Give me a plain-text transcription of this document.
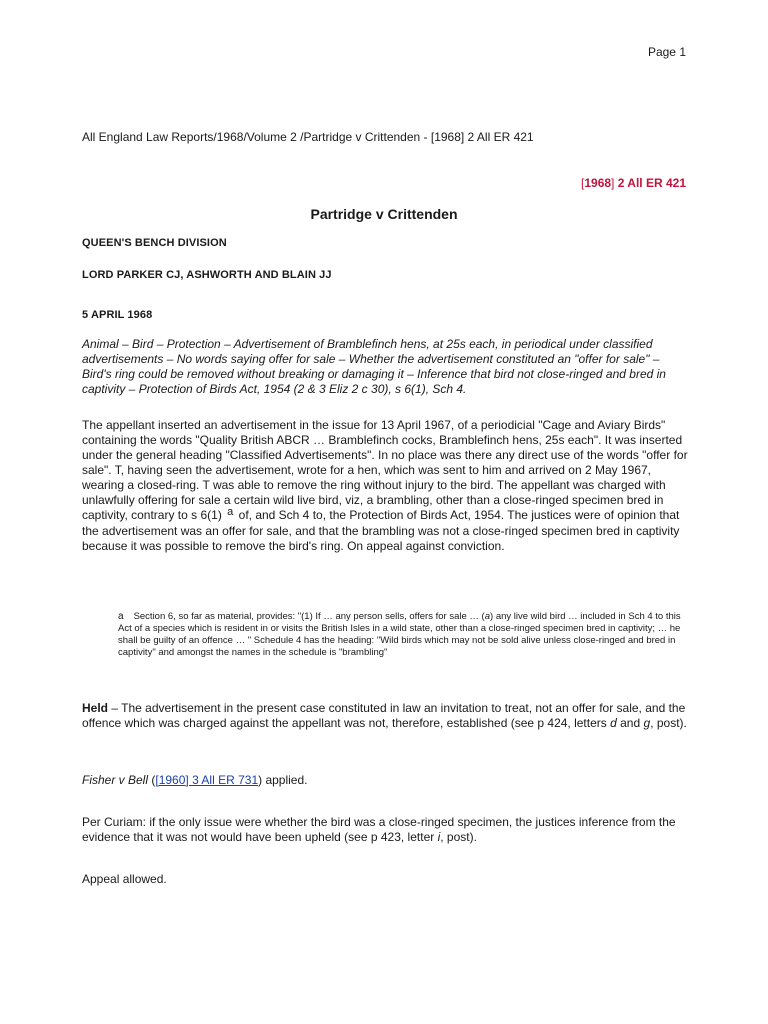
Page 1
All England Law Reports/1968/Volume 2 /Partridge v Crittenden - [1968] 2 All ER 421
[1968] 2 All ER 421
Partridge v Crittenden
QUEEN'S BENCH DIVISION
LORD PARKER CJ, ASHWORTH AND BLAIN JJ
5 APRIL 1968
Animal – Bird – Protection – Advertisement of Bramblefinch hens, at 25s each, in periodical under classified advertisements – No words saying offer for sale – Whether the advertisement constituted an "offer for sale" – Bird's ring could be removed without breaking or damaging it – Inference that bird not close-ringed and bred in captivity – Protection of Birds Act, 1954 (2 & 3 Eliz 2 c 30), s 6(1), Sch 4.
The appellant inserted an advertisement in the issue for 13 April 1967, of a periodicial "Cage and Aviary Birds" containing the words "Quality British ABCR … Bramblefinch cocks, Bramblefinch hens, 25s each". It was inserted under the general heading "Classified Advertisements". In no place was there any direct use of the words "offer for sale". T, having seen the advertisement, wrote for a hen, which was sent to him and arrived on 2 May 1967, wearing a closed-ring. T was able to remove the ring without injury to the bird. The appellant was charged with unlawfully offering for sale a certain wild live bird, viz, a brambling, other than a close-ringed specimen bred in captivity, contrary to s 6(1) a of, and Sch 4 to, the Protection of Birds Act, 1954. The justices were of opinion that the advertisement was an offer for sale, and that the brambling was not a close-ringed specimen bred in captivity because it was possible to remove the bird's ring. On appeal against conviction.
a Section 6, so far as material, provides: "(1) If … any person sells, offers for sale … (a) any live wild bird … included in Sch 4 to this Act of a species which is resident in or visits the British Isles in a wild state, other than a close-ringed specimen bred in captivity; … he shall be guilty of an offence … " Schedule 4 has the heading: "Wild birds which may not be sold alive unless close-ringed and bred in captivity" and amongst the names in the schedule is "brambling"
Held – The advertisement in the present case constituted in law an invitation to treat, not an offer for sale, and the offence which was charged against the appellant was not, therefore, established (see p 424, letters d and g, post).
Fisher v Bell ([1960] 3 All ER 731) applied.
Per Curiam: if the only issue were whether the bird was a close-ringed specimen, the justices inference from the evidence that it was not would have been upheld (see p 423, letter i, post).
Appeal allowed.
